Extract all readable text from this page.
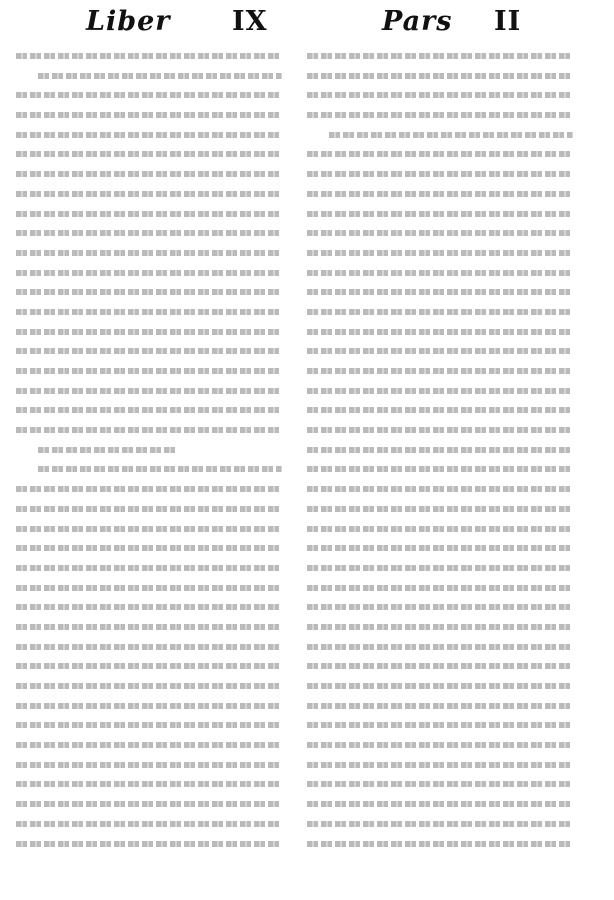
Liber IX	Pars II
